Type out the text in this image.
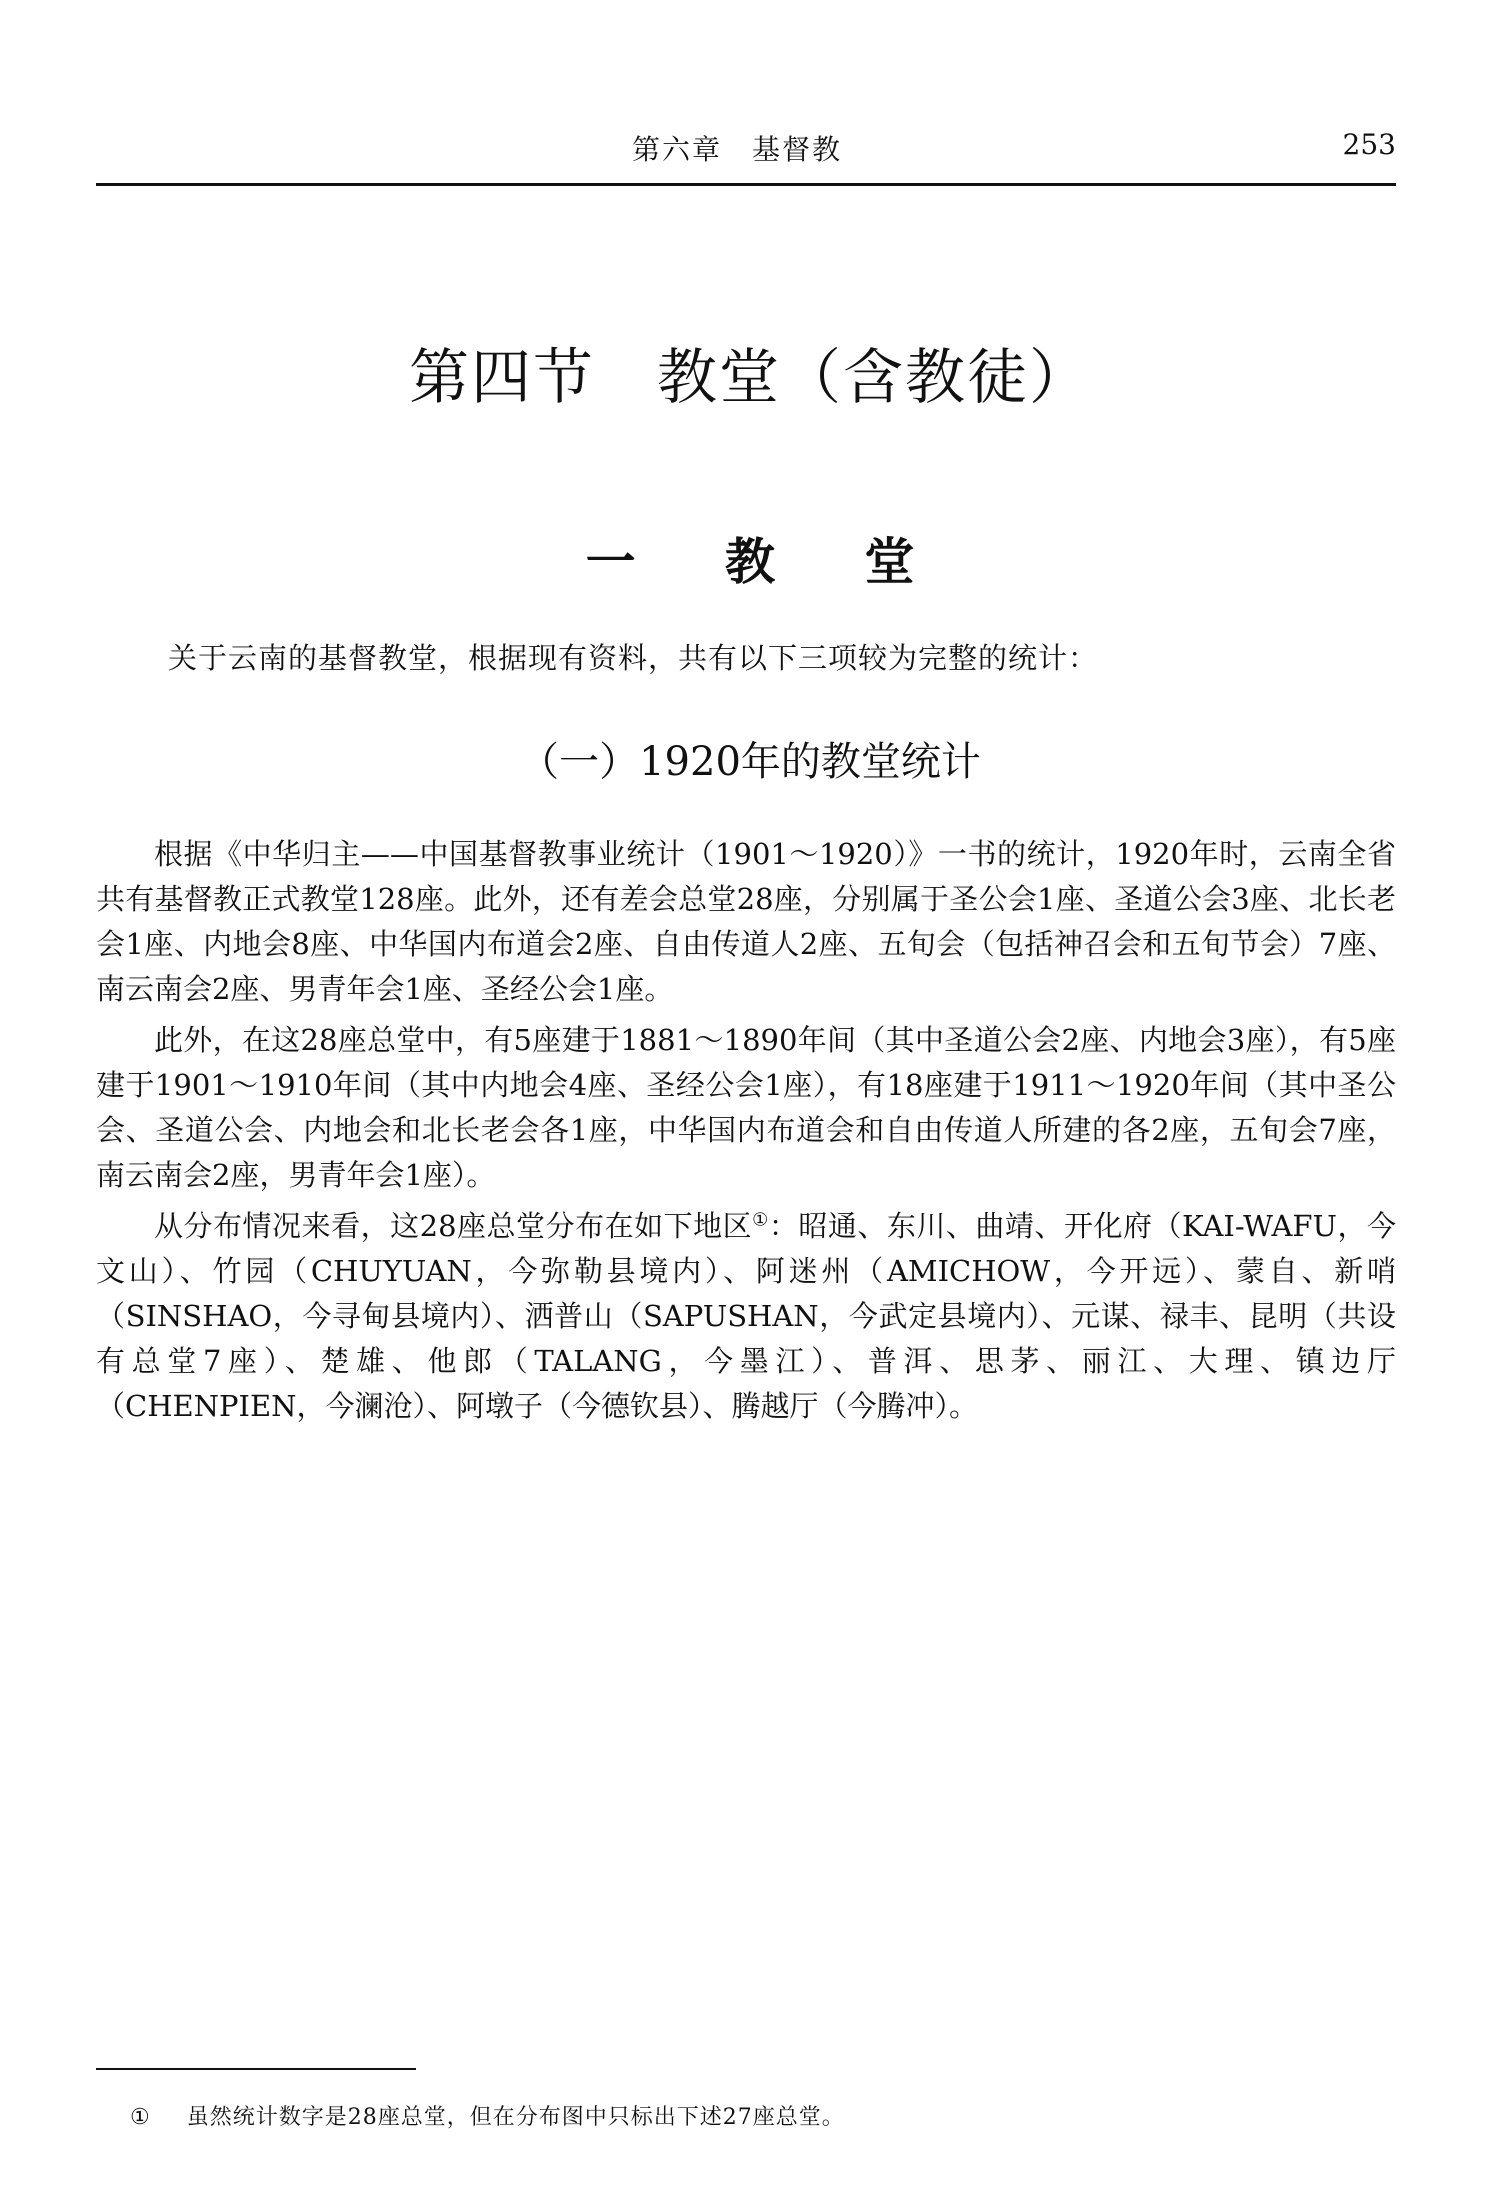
第六章　基督教	253
第四节　教堂（含教徒）
一 教 堂
关于云南的基督教堂，根据现有资料，共有以下三项较为完整的统计：
（一）1920年的教堂统计

根据《中华归主——中国基督教事业统计（1901～1920）》一书的统计，1920年时，云南全省共有基督教正式教堂128座。此外，还有差会总堂28座，分别属于圣公会1座、圣道公会3座、北长老会1座、内地会8座、中华国内布道会2座、自由传道人2座、五旬会（包括神召会和五旬节会）7座、南云南会2座、男青年会1座、圣经公会1座。

此外，在这28座总堂中，有5座建于1881～1890年间（其中圣道公会2座、内地会3座），有5座建于1901～1910年间（其中内地会4座、圣经公会1座），有18座建于1911～1920年间（其中圣公会、圣道公会、内地会和北长老会各1座，中华国内布道会和自由传道人所建的各2座，五旬会7座，南云南会2座，男青年会1座）。

从分布情况来看，这28座总堂分布在如下地区①：昭通、东川、曲靖、开化府（KAI-WAFU，今文山）、竹园（CHUYUAN，今弥勒县境内）、阿迷州（AMICHOW，今开远）、蒙自、新哨（SINSHAO，今寻甸县境内）、洒普山（SAPUSHAN，今武定县境内）、元谋、禄丰、昆明（共设有总堂7座）、楚雄、他郎（TALANG，今墨江）、普洱、思茅、丽江、大理、镇边厅（CHENPIEN，今澜沧）、阿墩子（今德钦县）、腾越厅（今腾冲）。

① 虽然统计数字是28座总堂，但在分布图中只标出下述27座总堂。
